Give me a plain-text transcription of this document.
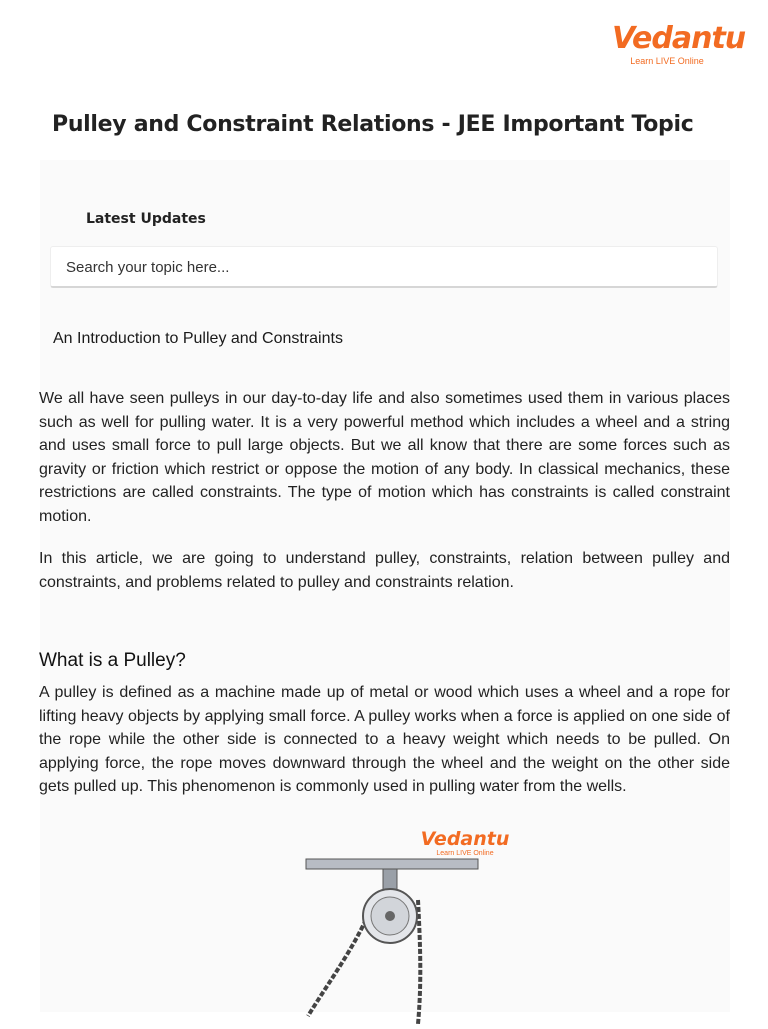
Vedantu
Learn LIVE Online
Pulley and Constraint Relations - JEE Important Topic
Latest Updates
Search your topic here...
An Introduction to Pulley and Constraints

We all have seen pulleys in our day-to-day life and also sometimes used them in various places such as well for pulling water. It is a very powerful method which includes a wheel and a string and uses small force to pull large objects. But we all know that there are some forces such as gravity or friction which restrict or oppose the motion of any body. In classical mechanics, these restrictions are called constraints. The type of motion which has constraints is called constraint motion.

In this article, we are going to understand pulley, constraints, relation between pulley and constraints, and problems related to pulley and constraints relation.

What is a Pulley?

A pulley is defined as a machine made up of metal or wood which uses a wheel and a rope for lifting heavy objects by applying small force. A pulley works when a force is applied on one side of the rope while the other side is connected to a heavy weight which needs to be pulled. On applying force, the rope moves downward through the wheel and the weight on the other side gets pulled up. This phenomenon is commonly used in pulling water from the wells.

Vedantu
Learn LIVE Online
